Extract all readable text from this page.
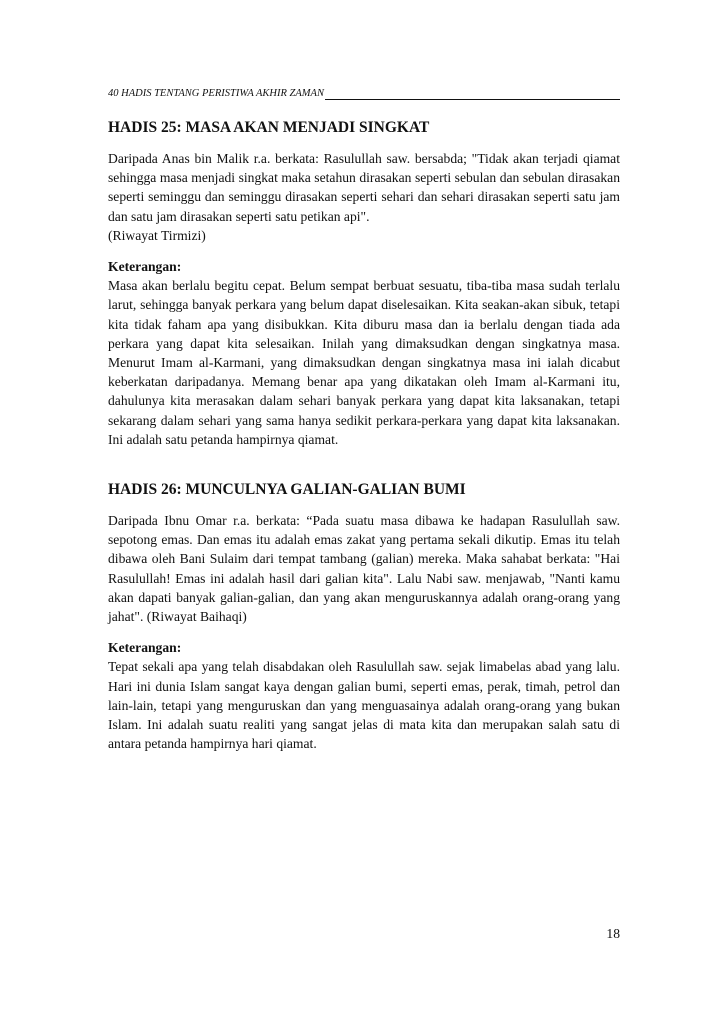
40 HADIS TENTANG PERISTIWA AKHIR ZAMAN
HADIS 25: MASA AKAN MENJADI SINGKAT

Daripada Anas bin Malik r.a. berkata: Rasulullah saw. bersabda; "Tidak akan terjadi qiamat sehingga masa menjadi singkat maka setahun dirasakan seperti sebulan dan sebulan dirasakan seperti seminggu dan seminggu dirasakan seperti sehari dan sehari dirasakan seperti satu jam dan satu jam dirasakan seperti satu petikan api".

(Riwayat Tirmizi)

Keterangan:

Masa akan berlalu begitu cepat. Belum sempat berbuat sesuatu, tiba-tiba masa sudah terlalu larut, sehingga banyak perkara yang belum dapat diselesaikan. Kita seakan-akan sibuk, tetapi kita tidak faham apa yang disibukkan. Kita diburu masa dan ia berlalu dengan tiada ada perkara yang dapat kita selesaikan. Inilah yang dimaksudkan dengan singkatnya masa. Menurut Imam al-Karmani, yang dimaksudkan dengan singkatnya masa ini ialah dicabut keberkatan daripadanya. Memang benar apa yang dikatakan oleh Imam al-Karmani itu, dahulunya kita merasakan dalam sehari banyak perkara yang dapat kita laksanakan, tetapi sekarang dalam sehari yang sama hanya sedikit perkara-perkara yang dapat kita laksanakan. Ini adalah satu petanda hampirnya qiamat.

HADIS 26: MUNCULNYA GALIAN-GALIAN BUMI

Daripada Ibnu Omar r.a. berkata: “Pada suatu masa dibawa ke hadapan Rasulullah saw. sepotong emas. Dan emas itu adalah emas zakat yang pertama sekali dikutip. Emas itu telah dibawa oleh Bani Sulaim dari tempat tambang (galian) mereka. Maka sahabat berkata: "Hai Rasulullah! Emas ini adalah hasil dari galian kita". Lalu Nabi saw. menjawab, "Nanti kamu akan dapati banyak galian-galian, dan yang akan menguruskannya adalah orang-orang yang jahat". (Riwayat Baihaqi)

Keterangan:

Tepat sekali apa yang telah disabdakan oleh Rasulullah saw. sejak limabelas abad yang lalu. Hari ini dunia Islam sangat kaya dengan galian bumi, seperti emas, perak, timah, petrol dan lain-lain, tetapi yang menguruskan dan yang menguasainya adalah orang-orang yang bukan Islam. Ini adalah suatu realiti yang sangat jelas di mata kita dan merupakan salah satu di antara petanda hampirnya hari qiamat.

18
